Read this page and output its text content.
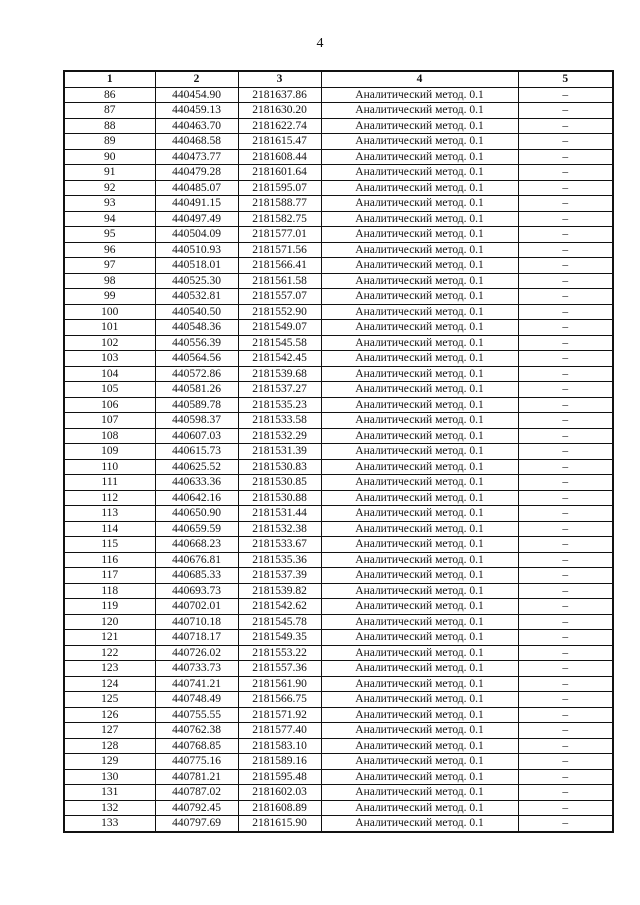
4
1	2	3	4	5
86	440454.90	2181637.86	Аналитический метод. 0.1	–
87	440459.13	2181630.20	Аналитический метод. 0.1	–
88	440463.70	2181622.74	Аналитический метод. 0.1	–
89	440468.58	2181615.47	Аналитический метод. 0.1	–
90	440473.77	2181608.44	Аналитический метод. 0.1	–
91	440479.28	2181601.64	Аналитический метод. 0.1	–
92	440485.07	2181595.07	Аналитический метод. 0.1	–
93	440491.15	2181588.77	Аналитический метод. 0.1	–
94	440497.49	2181582.75	Аналитический метод. 0.1	–
95	440504.09	2181577.01	Аналитический метод. 0.1	–
96	440510.93	2181571.56	Аналитический метод. 0.1	–
97	440518.01	2181566.41	Аналитический метод. 0.1	–
98	440525.30	2181561.58	Аналитический метод. 0.1	–
99	440532.81	2181557.07	Аналитический метод. 0.1	–
100	440540.50	2181552.90	Аналитический метод. 0.1	–
101	440548.36	2181549.07	Аналитический метод. 0.1	–
102	440556.39	2181545.58	Аналитический метод. 0.1	–
103	440564.56	2181542.45	Аналитический метод. 0.1	–
104	440572.86	2181539.68	Аналитический метод. 0.1	–
105	440581.26	2181537.27	Аналитический метод. 0.1	–
106	440589.78	2181535.23	Аналитический метод. 0.1	–
107	440598.37	2181533.58	Аналитический метод. 0.1	–
108	440607.03	2181532.29	Аналитический метод. 0.1	–
109	440615.73	2181531.39	Аналитический метод. 0.1	–
110	440625.52	2181530.83	Аналитический метод. 0.1	–
111	440633.36	2181530.85	Аналитический метод. 0.1	–
112	440642.16	2181530.88	Аналитический метод. 0.1	–
113	440650.90	2181531.44	Аналитический метод. 0.1	–
114	440659.59	2181532.38	Аналитический метод. 0.1	–
115	440668.23	2181533.67	Аналитический метод. 0.1	–
116	440676.81	2181535.36	Аналитический метод. 0.1	–
117	440685.33	2181537.39	Аналитический метод. 0.1	–
118	440693.73	2181539.82	Аналитический метод. 0.1	–
119	440702.01	2181542.62	Аналитический метод. 0.1	–
120	440710.18	2181545.78	Аналитический метод. 0.1	–
121	440718.17	2181549.35	Аналитический метод. 0.1	–
122	440726.02	2181553.22	Аналитический метод. 0.1	–
123	440733.73	2181557.36	Аналитический метод. 0.1	–
124	440741.21	2181561.90	Аналитический метод. 0.1	–
125	440748.49	2181566.75	Аналитический метод. 0.1	–
126	440755.55	2181571.92	Аналитический метод. 0.1	–
127	440762.38	2181577.40	Аналитический метод. 0.1	–
128	440768.85	2181583.10	Аналитический метод. 0.1	–
129	440775.16	2181589.16	Аналитический метод. 0.1	–
130	440781.21	2181595.48	Аналитический метод. 0.1	–
131	440787.02	2181602.03	Аналитический метод. 0.1	–
132	440792.45	2181608.89	Аналитический метод. 0.1	–
133	440797.69	2181615.90	Аналитический метод. 0.1	–
